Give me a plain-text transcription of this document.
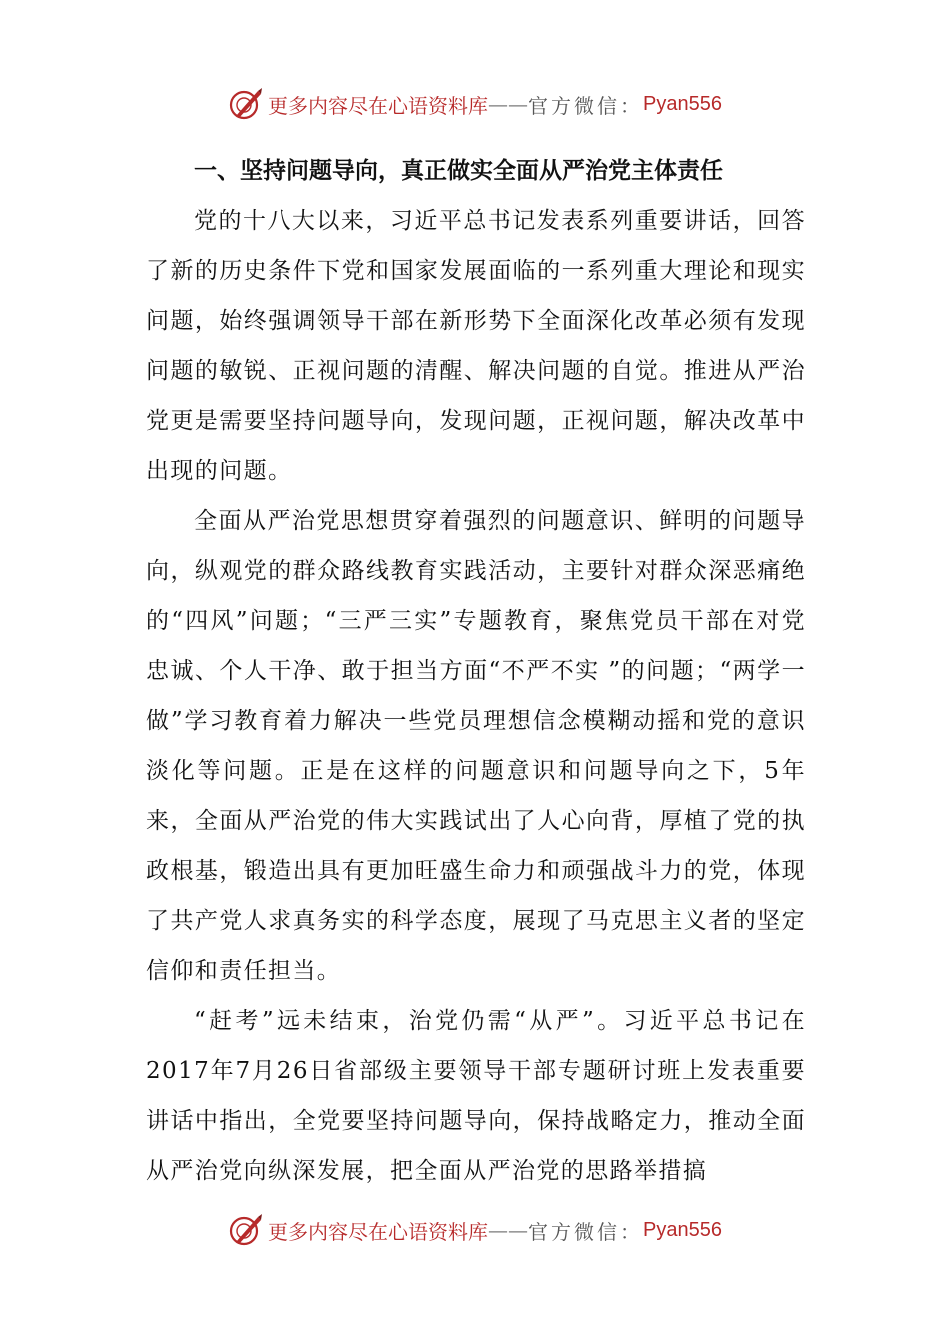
更多内容尽在心语资料库 —— 官方微信： Pyan556
一、坚持问题导向，真正做实全面从严治党主体责任

党的十八大以来，习近平总书记发表系列重要讲话，回答了新的历史条件下党和国家发展面临的一系列重大理论和现实问题，始终强调领导干部在新形势下全面深化改革必须有发现问题的敏锐、正视问题的清醒、解决问题的自觉。推进从严治党更是需要坚持问题导向，发现问题，正视问题，解决改革中出现的问题。

全面从严治党思想贯穿着强烈的问题意识、鲜明的问题导向，纵观党的群众路线教育实践活动，主要针对群众深恶痛绝的“四风”问题；“三严三实”专题教育，聚焦党员干部在对党忠诚、个人干净、敢于担当方面“不严不实 ”的问题；“两学一做”学习教育着力解决一些党员理想信念模糊动摇和党的意识淡化等问题。正是在这样的问题意识和问题导向之下，5年来，全面从严治党的伟大实践试出了人心向背，厚植了党的执政根基，锻造出具有更加旺盛生命力和顽强战斗力的党，体现了共产党人求真务实的科学态度，展现了马克思主义者的坚定信仰和责任担当。

“赶考”远未结束，治党仍需“从严”。习近平总书记在2017年7月26日省部级主要领导干部专题研讨班上发表重要讲话中指出，全党要坚持问题导向，保持战略定力，推动全面从严治党向纵深发展，把全面从严治党的思路举措搞

更多内容尽在心语资料库 —— 官方微信： Pyan556
